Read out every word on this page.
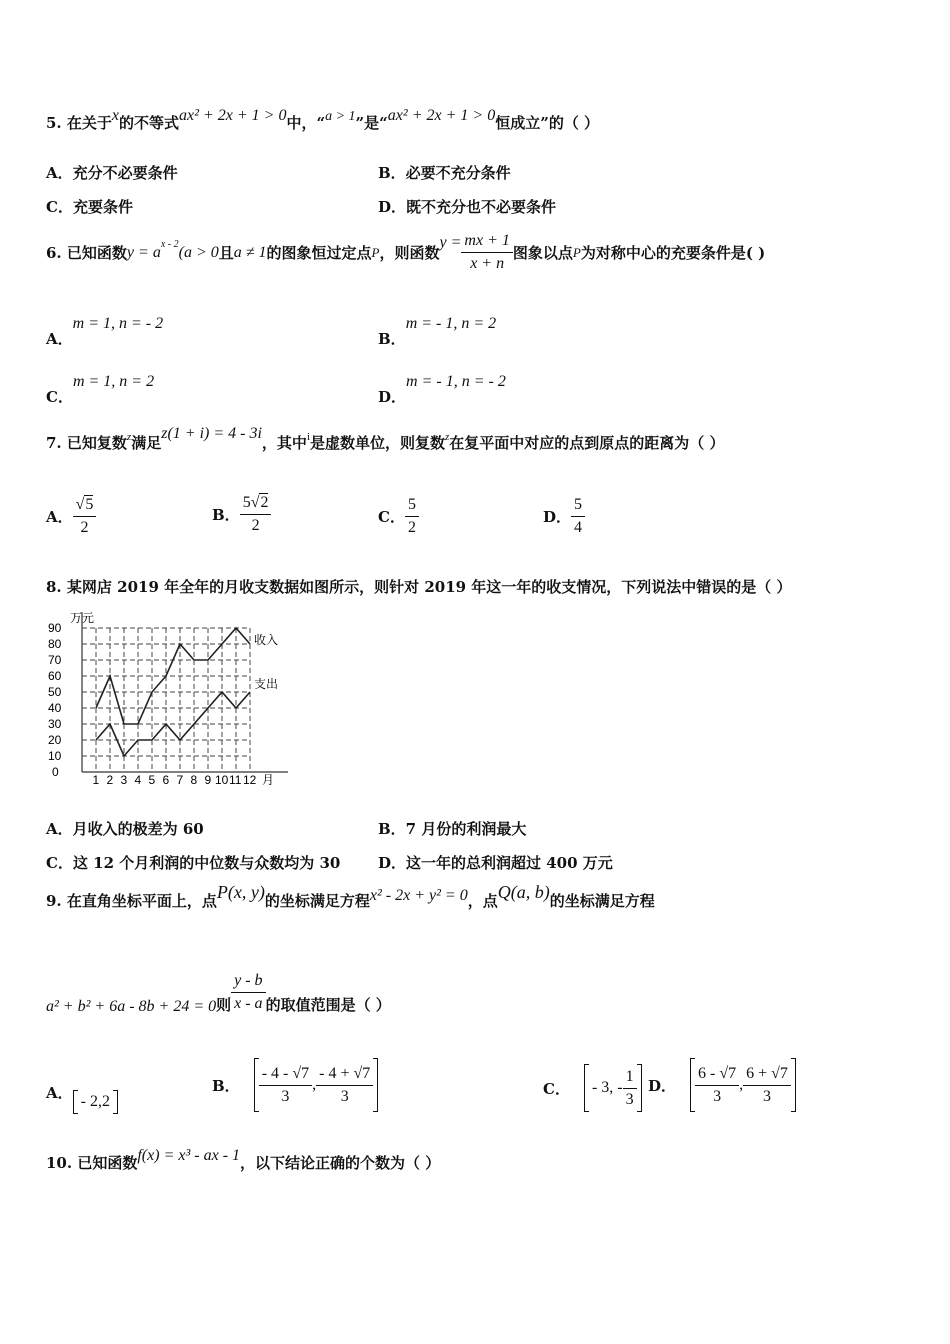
5. 在关于x的不等式ax² + 2x + 1 > 0中，“a > 1”是“ax² + 2x + 1 > 0恒成立”的（ ）
A．充分不必要条件	B．必要不充分条件
C．充要条件	D．既不充分也不必要条件
6.
已知函数 $y = a^{x - 2}$ (a > 0 且 a ≠ 1 的图象恒过定点 P ，则函数
$y = \frac{mx + 1}{x + n}$ 图象以点 P 为对称中心的充要条件是( )
A．m = 1, n = - 2
B．m = - 1, n = 2
C．m = 1, n = 2
D．m = - 1, n = - 2
7. 已知复数$^z$满足z(1 + i) = 4 - 3i，其中$^i$是虚数单位，则复数$^z$在复平面中对应的点到原点的距离为（ ）
A． $\frac{√5}{2}$	B． $\frac{5√2}{2}$	C． $\frac{5}{2}$	D． $\frac{5}{4}$
8. 某网店 2019 年全年的月收支数据如图所示，则针对 2019 年这一年的收支情况，下列说法中错误的是（ ）
万元
月
0
10
20
30
40
50
60
70
80
90
1 2 3 4 5 6 7 8 9 10 11 12
收入
支出
A．月收入的极差为 60	B．7 月份的利润最大
C．这 12 个月利润的中位数与众数均为 30	D．这一年的总利润超过 400 万元
9. 在直角坐标平面上，点P(x, y)的坐标满足方程x² - 2x + y² = 0，点Q(a, b)的坐标满足方程
a² + b² + 6a - 8b + 24 = 0 则 $\frac{y - b}{x - a}$ 的取值范围是（ ）
A． - 2,2
B． $\frac{- 4 - √7}{3}$ , $\frac{- 4 + √7}{3}$	C． - 3, - $\frac{1}{3}$ D． $\frac{6 - √7}{3}$ , $\frac{6 + √7}{3}$
10. 已知函数f(x) = x³ - ax - 1，以下结论正确的个数为（ ）
